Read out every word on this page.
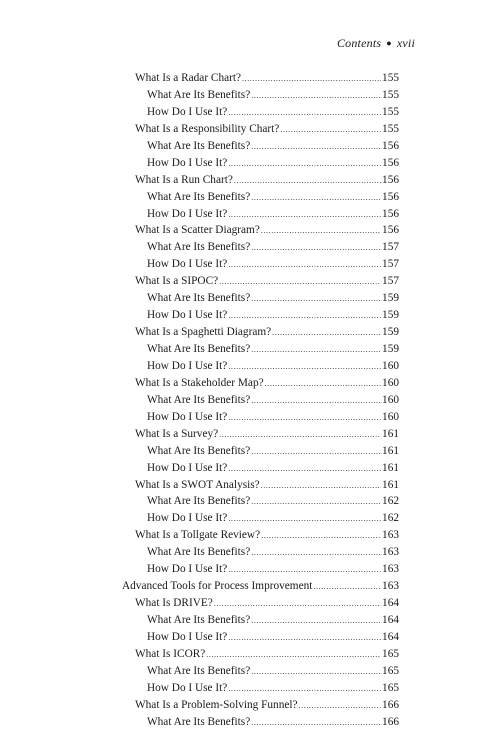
Contents ● xvii
What Is a Radar Chart? .....	155
What Are Its Benefits? .....	155
How Do I Use It? .....	155
What Is a Responsibility Chart? .....	155
What Are Its Benefits? .....	156
How Do I Use It? .....	156
What Is a Run Chart? .....	156
What Are Its Benefits? .....	156
How Do I Use It? .....	156
What Is a Scatter Diagram? .....	156
What Are Its Benefits? .....	157
How Do I Use It? .....	157
What Is a SIPOC? .....	157
What Are Its Benefits? .....	159
How Do I Use It? .....	159
What Is a Spaghetti Diagram? .....	159
What Are Its Benefits? .....	159
How Do I Use It? .....	160
What Is a Stakeholder Map? .....	160
What Are Its Benefits? .....	160
How Do I Use It? .....	160
What Is a Survey? .....	161
What Are Its Benefits? .....	161
How Do I Use It? .....	161
What Is a SWOT Analysis? .....	161
What Are Its Benefits? .....	162
How Do I Use It? .....	162
What Is a Tollgate Review? .....	163
What Are Its Benefits? .....	163
How Do I Use It? .....	163
Advanced Tools for Process Improvement .....	163
What Is DRIVE? .....	164
What Are Its Benefits? .....	164
How Do I Use It? .....	164
What Is ICOR? .....	165
What Are Its Benefits? .....	165
How Do I Use It? .....	165
What Is a Problem-Solving Funnel? .....	166
What Are Its Benefits? .....	166
